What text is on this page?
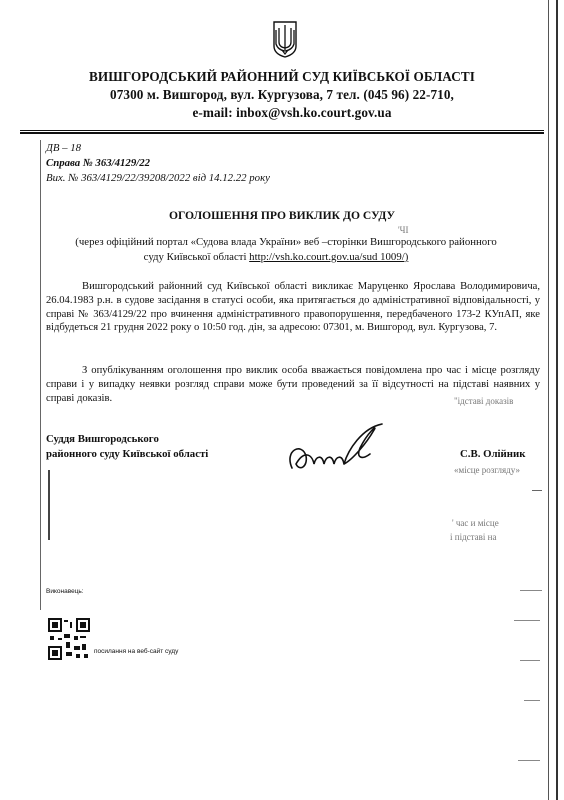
ВИШГОРОДСЬКИЙ РАЙОННИЙ СУД КИЇВСЬКОЇ ОБЛАСТІ
07300 м. Вишгород, вул. Кургузова, 7 тел. (045 96) 22-710,
e-mail: inbox@vsh.ko.court.gov.ua
ДВ – 18
Справа № 363/4129/22
Вих. № 363/4129/22/39208/2022 від 14.12.22 року
ОГОЛОШЕННЯ ПРО ВИКЛИК ДО СУДУ
(через офіційний портал «Судова влада України» веб –сторінки Вишгородського районного
суду Київської області http://vsh.ko.court.gov.ua/sud 1009/)
Вишгородський районний суд Київської області викликає Маруценко Ярослава Володимировича, 26.04.1983 р.н. в судове засідання в статусі особи, яка притягається до адміністративної відповідальності, у справі № 363/4129/22 про вчинення адміністративного правопорушення, передбаченого 173-2 КУпАП, яке відбудеться 21 грудня 2022 року о 10:50 год. дін, за адресою: 07301, м. Вишгород, вул. Кургузова, 7.
З опублікуванням оголошення про виклик особа вважається повідомлена про час і місце розгляду справи і у випадку неявки розгляд справи може бути проведений за її відсутності на підставі наявних у справі доказів.
Суддя Вишгородського
районного суду Київської області	С.В. Олійник
Виконавець:
посилання на веб-сайт суду
'ЧІ
' час и місце
і підставі на
"ідставі доказів
«місце розгляду»
